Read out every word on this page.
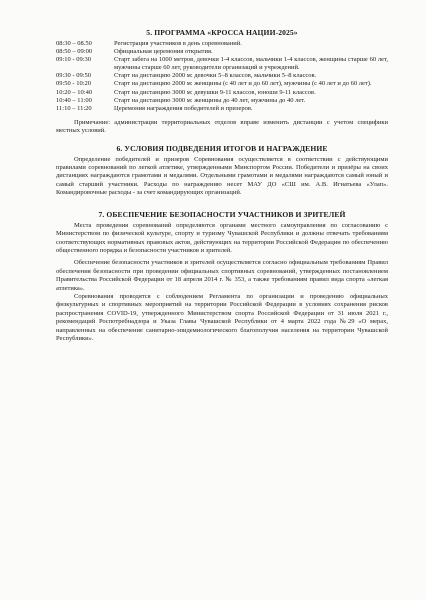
5. ПРОГРАММА «КРОССА НАЦИИ-2025»
08:30 – 08.50	Регистрация участников в день соревнований.
08:50 – 09:00	Официальная церемония открытия.
09:10 - 09:30	Старт забега на 1000 метров, девочки 1-4 классов, мальчики 1-4 классов, женщины старше 60 лет, мужчины старше 60 лет, руководители организаций и учреждений.
09:30 - 09:50	Старт на дистанцию 2000 м: девочки 5–8 классов, мальчики 5–8 классов.
09:50 - 10:20	Старт на дистанцию 2000 м: женщины (с 40 лет и до 60 лет), мужчины (с 40 лет и до 60 лет).
10:20 – 10:40	Старт на дистанцию 3000 м: девушки 9-11 классов, юноши 9-11 классов.
10:40 – 11:00	Старт на дистанцию 3000 м: женщины до 40 лет, мужчины до 40 лет.
11:10 – 11:20	Церемония награждения победителей и призеров.

Примечание: администрации территориальных отделов вправе изменить дистанции с учетом специфики местных условий.

6. УСЛОВИЯ ПОДВЕДЕНИЯ ИТОГОВ И НАГРАЖДЕНИЕ

Определение победителей и призеров Соревнования осуществляется в соответствии с действующими правилами соревнований по легкой атлетике, утвержденными Минспортом России. Победители и призёры на своих дистанциях награждаются грамотами и медалями. Отдельными грамотами и медалями награждаются самый юный и самый старший участники. Расходы по награждению несет МАУ ДО «СШ им. А.В. Игнатьева «Улап». Командировочные расходы - за счет командирующих организаций.

7. ОБЕСПЕЧЕНИЕ БЕЗОПАСНОСТИ УЧАСТНИКОВ И ЗРИТЕЛЕЙ

Места проведения соревнований определяются органами местного самоуправления по согласованию с Министерством по физической культуре, спорту и туризму Чувашской Республики и должны отвечать требованиям соответствующих нормативных правовых актов, действующих на территории Российской Федерации по обеспечению общественного порядка и безопасности участников и зрителей.

Обеспечение безопасности участников и зрителей осуществляется согласно официальным требованиям Правил обеспечения безопасности при проведении официальных спортивных соревнований, утвержденных постановлением Правительства Российской Федерации от 18 апреля 2014 г. № 353, а также требованиям правил вида спорта «легкая атлетика».

Соревнования проводятся с соблюдением Регламента по организации и проведению официальных физкультурных и спортивных мероприятий на территории Российской Федерации в условиях сохранения рисков распространения COVID-19, утвержденного Министерством спорта Российской Федерации от 31 июля 2021 г., рекомендаций Роспотребнадзора и Указа Главы Чувашской Республики от 4 марта 2022 года №29 «О мерах, направленных на обеспечение санитарно-эпидемиологического благополучия населения на территории Чувашской Республики».
